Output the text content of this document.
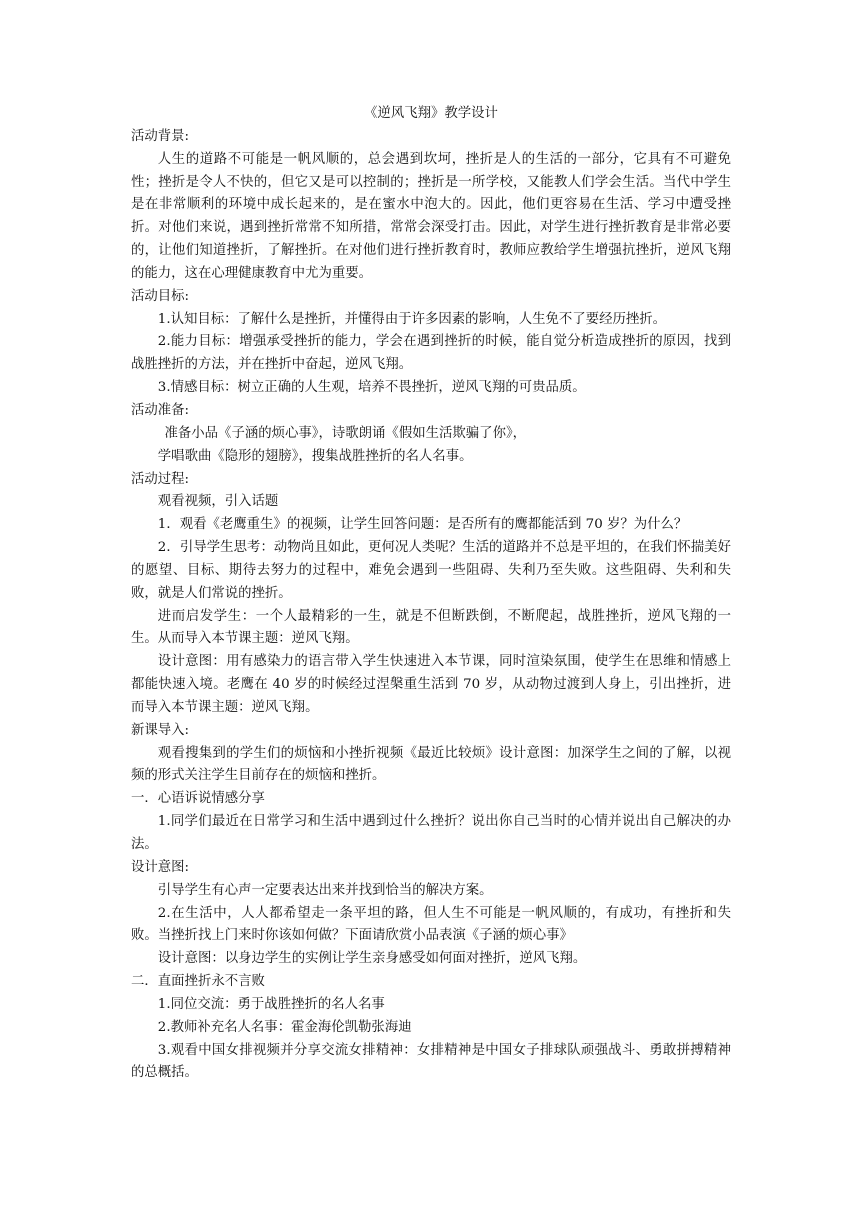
《逆风飞翔》教学设计

活动背景:

人生的道路不可能是一帆风顺的，总会遇到坎坷，挫折是人的生活的一部分，它具有不可避免性；挫折是令人不快的，但它又是可以控制的；挫折是一所学校，又能教人们学会生活。当代中学生是在非常顺利的环境中成长起来的，是在蜜水中泡大的。因此，他们更容易在生活、学习中遭受挫折。对他们来说，遇到挫折常常不知所措，常常会深受打击。因此，对学生进行挫折教育是非常必要的，让他们知道挫折，了解挫折。在对他们进行挫折教育时，教师应教给学生增强抗挫折，逆风飞翔的能力，这在心理健康教育中尤为重要。

活动目标:

1.认知目标：了解什么是挫折，并懂得由于许多因素的影响，人生免不了要经历挫折。

2.能力目标：增强承受挫折的能力，学会在遇到挫折的时候，能自觉分析造成挫折的原因，找到战胜挫折的方法，并在挫折中奋起，逆风飞翔。

3.情感目标：树立正确的人生观，培养不畏挫折，逆风飞翔的可贵品质。

活动准备:

准备小品《子涵的烦心事》，诗歌朗诵《假如生活欺骗了你》，

学唱歌曲《隐形的翅膀》，搜集战胜挫折的名人名事。

活动过程:

观看视频，引入话题

1．观看《老鹰重生》的视频，让学生回答问题：是否所有的鹰都能活到 70 岁？为什么？

2．引导学生思考：动物尚且如此，更何况人类呢？生活的道路并不总是平坦的，在我们怀揣美好的愿望、目标、期待去努力的过程中，难免会遇到一些阻碍、失利乃至失败。这些阻碍、失利和失败，就是人们常说的挫折。

进而启发学生：一个人最精彩的一生，就是不但断跌倒，不断爬起，战胜挫折，逆风飞翔的一生。从而导入本节课主题：逆风飞翔。

设计意图：用有感染力的语言带入学生快速进入本节课，同时渲染氛围，使学生在思维和情感上都能快速入境。老鹰在 40 岁的时候经过涅槃重生活到 70 岁，从动物过渡到人身上，引出挫折，进而导入本节课主题：逆风飞翔。

新课导入:

观看搜集到的学生们的烦恼和小挫折视频《最近比较烦》设计意图：加深学生之间的了解，以视频的形式关注学生目前存在的烦恼和挫折。

一．心语诉说情感分享

1.同学们最近在日常学习和生活中遇到过什么挫折？说出你自己当时的心情并说出自己解决的办法。

设计意图:

引导学生有心声一定要表达出来并找到恰当的解决方案。

2.在生活中，人人都希望走一条平坦的路，但人生不可能是一帆风顺的，有成功，有挫折和失败。当挫折找上门来时你该如何做？下面请欣赏小品表演《子涵的烦心事》

设计意图：以身边学生的实例让学生亲身感受如何面对挫折，逆风飞翔。

二．直面挫折永不言败

1.同位交流：勇于战胜挫折的名人名事

2.教师补充名人名事：霍金海伦凯勒张海迪

3.观看中国女排视频并分享交流女排精神：女排精神是中国女子排球队顽强战斗、勇敢拼搏精神的总概括。
